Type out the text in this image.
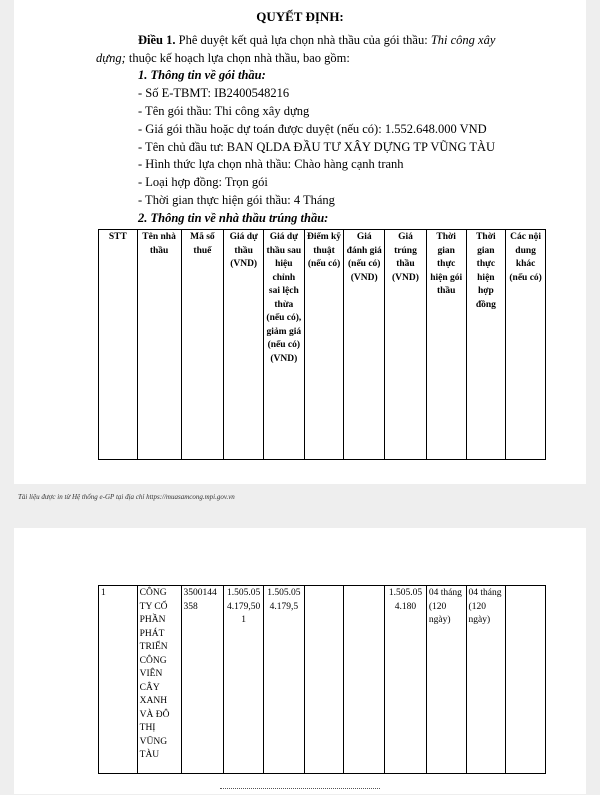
QUYẾT ĐỊNH:
Điều 1. Phê duyệt kết quả lựa chọn nhà thầu của gói thầu: Thi công xây
dựng; thuộc kế hoạch lựa chọn nhà thầu, bao gồm:
1. Thông tin về gói thầu:
- Số E-TBMT: IB2400548216
- Tên gói thầu: Thi công xây dựng
- Giá gói thầu hoặc dự toán được duyệt (nếu có): 1.552.648.000 VND
- Tên chủ đầu tư: BAN QLDA ĐẦU TƯ XÂY DỰNG TP VŨNG TÀU
- Hình thức lựa chọn nhà thầu: Chào hàng cạnh tranh
- Loại hợp đồng: Trọn gói
- Thời gian thực hiện gói thầu: 4 Tháng
2. Thông tin về nhà thầu trúng thầu:
STT	Tên nhà thầu	Mã số thuế	Giá dự thầu (VND)	Giá dự thầu sau hiệu chỉnh sai lệch thừa (nếu có), giảm giá (nếu có) (VND)	Điểm kỹ thuật (nếu có)	Giá đánh giá (nếu có) (VND)	Giá trúng thầu (VND)	Thời gian thực hiện gói thầu	Thời gian thực hiện hợp đồng	Các nội dung khác (nếu có)
Tài liệu được in từ Hệ thống e-GP tại địa chỉ https://muasamcong.mpi.gov.vn
1	CÔNG TY CỔ PHẦN PHÁT TRIỂN CÔNG VIÊN CÂY XANH VÀ ĐÔ THỊ VŨNG TÀU	3500144358	1.505.054.179,501	1.505.054.179,5			1.505.054.180	04 tháng (120 ngày)	04 tháng (120 ngày)	
